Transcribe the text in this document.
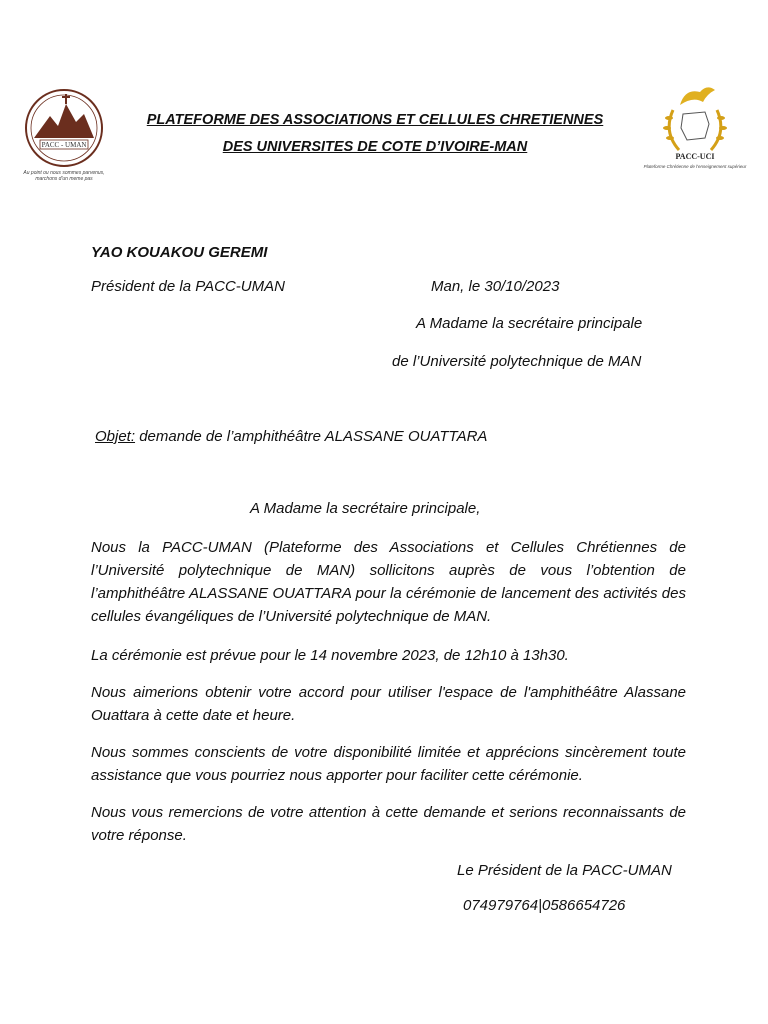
PACC - UMAN
Au point ou nous sommes parvenus, marchons d'un meme pas
PLATEFORME DES ASSOCIATIONS ET CELLULES CHRETIENNES
DES UNIVERSITES DE COTE D’IVOIRE-MAN
PACC-UCI
Plateforme Chrétienne de l'enseignement supérieur
YAO KOUAKOU GEREMI
Président de la PACC-UMAN	Man, le 30/10/2023
A Madame la secrétaire principale
de l’Université polytechnique de MAN
Objet: demande de l’amphithéâtre ALASSANE OUATTARA
A Madame la secrétaire principale,

Nous la PACC-UMAN (Plateforme des Associations et Cellules Chrétiennes de l’Université polytechnique de MAN) sollicitons auprès de vous l’obtention de l’amphithéâtre ALASSANE OUATTARA pour la cérémonie de lancement des activités des cellules évangéliques de l’Université polytechnique de MAN.

La cérémonie est prévue pour le 14 novembre 2023, de 12h10 à 13h30.

Nous aimerions obtenir votre accord pour utiliser l'espace de l'amphithéâtre Alassane Ouattara à cette date et heure.

Nous sommes conscients de votre disponibilité limitée et apprécions sincèrement toute assistance que vous pourriez nous apporter pour faciliter cette cérémonie.

Nous vous remercions de votre attention à cette demande et serions reconnaissants de votre réponse.

Le Président de la PACC-UMAN
074979764|0586654726
